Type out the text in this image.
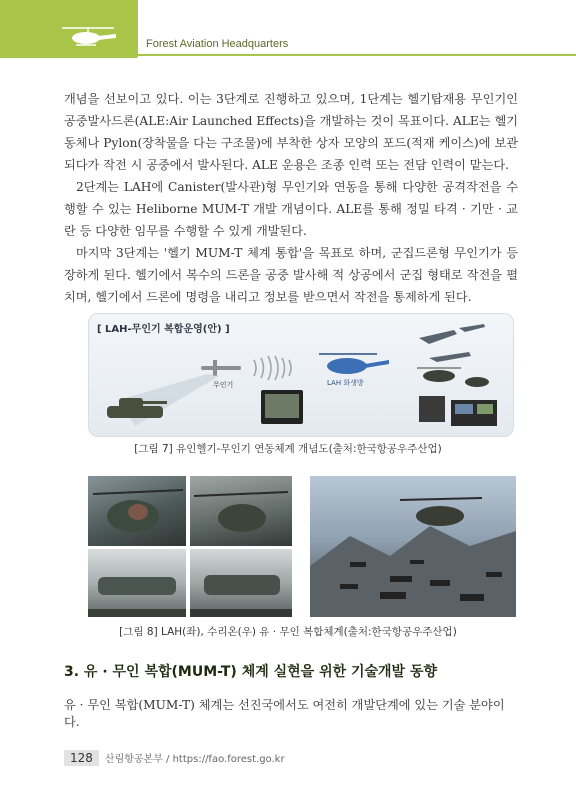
Forest Aviation Headquarters

개념을 선보이고 있다. 이는 3단계로 진행하고 있으며, 1단계는 헬기탑재용 무인기인 공중발사드론(ALE:Air Launched Effects)을 개발하는 것이 목표이다. ALE는 헬기 동체나 Pylon(장착물을 다는 구조물)에 부착한 상자 모양의 포드(적재 케이스)에 보관되다가 작전 시 공중에서 발사된다. ALE 운용은 조종 인력 또는 전담 인력이 맡는다.

2단계는 LAH에 Canister(발사관)형 무인기와 연동을 통해 다양한 공격작전을 수행할 수 있는 Heliborne MUM-T 개발 개념이다. ALE를 통해 정밀 타격 · 기만 · 교란 등 다양한 임무를 수행할 수 있게 개발된다.

마지막 3단계는 '헬기 MUM-T 체계 통합'을 목표로 하며, 군집드론형 무인기가 등장하게 된다. 헬기에서 복수의 드론을 공중 발사해 적 상공에서 군집 형태로 작전을 펼치며, 헬기에서 드론에 명령을 내리고 정보를 받으면서 작전을 통제하게 된다.

[ LAH-무인기 복합운영(안) ]
무인기	LAH 화생방
[그림 7] 유인헬기-무인기 연동체계 개념도(출처:한국항공우주산업)
[그림 8] LAH(좌), 수리온(우) 유 · 무인 복합체계(출처:한국항공우주산업)
3. 유 · 무인 복합(MUM-T) 체계 실현을 위한 기술개발 동향
유 · 무인 복합(MUM-T) 체계는 선진국에서도 여전히 개발단계에 있는 기술 분야이다.
128 산림항공본부 / https://fao.forest.go.kr
